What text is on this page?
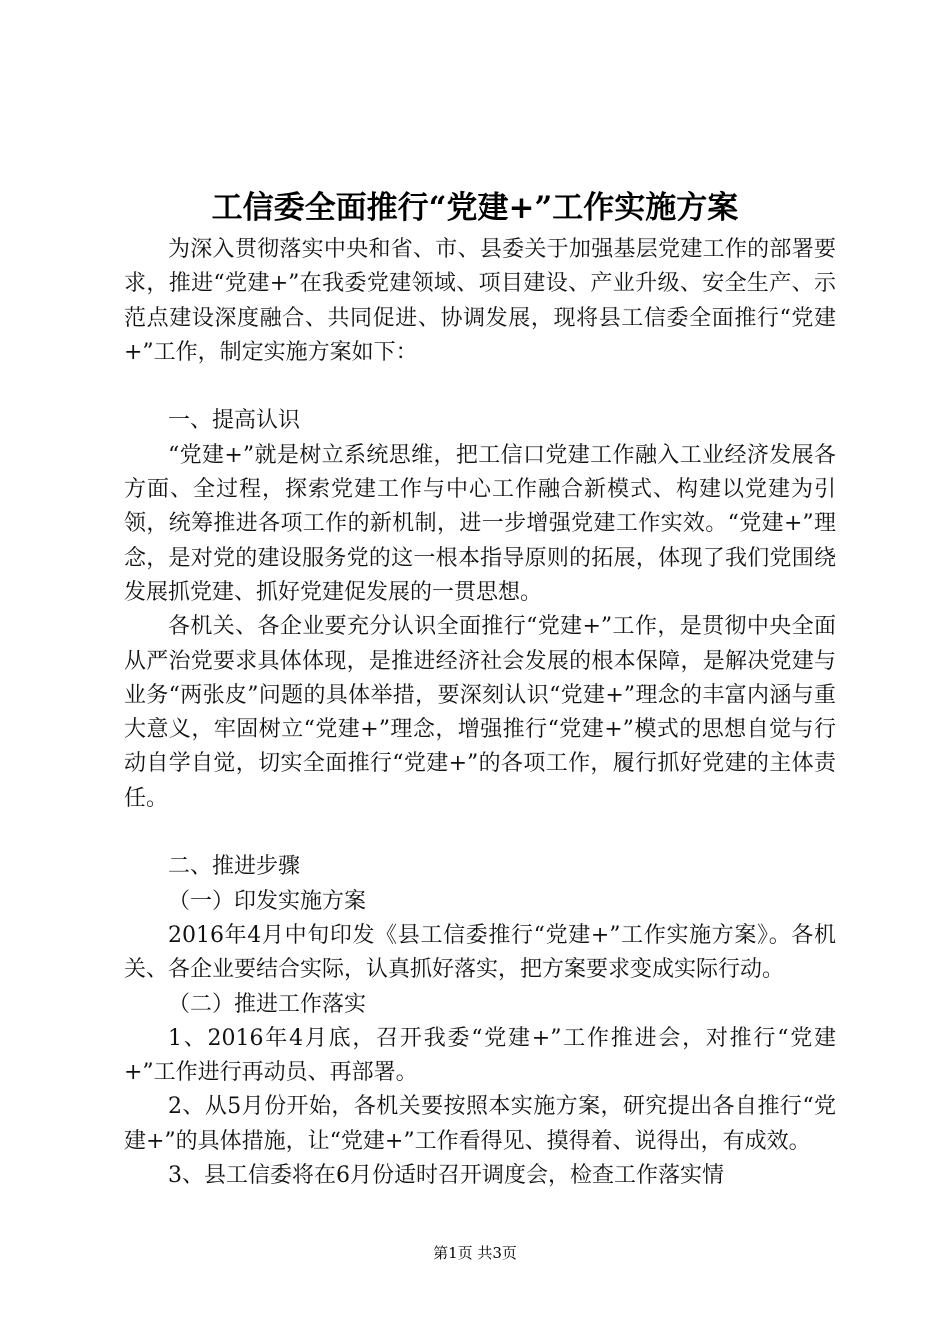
工信委全面推行“党建+”工作实施方案

为深入贯彻落实中央和省、市、县委关于加强基层党建工作的部署要求，推进“党建+”在我委党建领域、项目建设、产业升级、安全生产、示范点建设深度融合、共同促进、协调发展，现将县工信委全面推行“党建+”工作，制定实施方案如下：

一、提高认识

“党建+”就是树立系统思维，把工信口党建工作融入工业经济发展各方面、全过程，探索党建工作与中心工作融合新模式、构建以党建为引领，统筹推进各项工作的新机制，进一步增强党建工作实效。“党建+”理念，是对党的建设服务党的这一根本指导原则的拓展，体现了我们党围绕发展抓党建、抓好党建促发展的一贯思想。

各机关、各企业要充分认识全面推行“党建+”工作，是贯彻中央全面从严治党要求具体体现，是推进经济社会发展的根本保障，是解决党建与业务“两张皮”问题的具体举措，要深刻认识“党建+”理念的丰富内涵与重大意义，牢固树立“党建+”理念，增强推行“党建+”模式的思想自觉与行动自学自觉，切实全面推行“党建+”的各项工作，履行抓好党建的主体责任。

二、推进步骤

（一）印发实施方案

2016年4月中旬印发《县工信委推行“党建+”工作实施方案》。各机关、各企业要结合实际，认真抓好落实，把方案要求变成实际行动。

（二）推进工作落实

1、2016年4月底，召开我委“党建+”工作推进会，对推行“党建+”工作进行再动员、再部署。

2、从5月份开始，各机关要按照本实施方案，研究提出各自推行“党建+”的具体措施，让“党建+”工作看得见、摸得着、说得出，有成效。

3、县工信委将在6月份适时召开调度会，检查工作落实情

第1页 共3页
